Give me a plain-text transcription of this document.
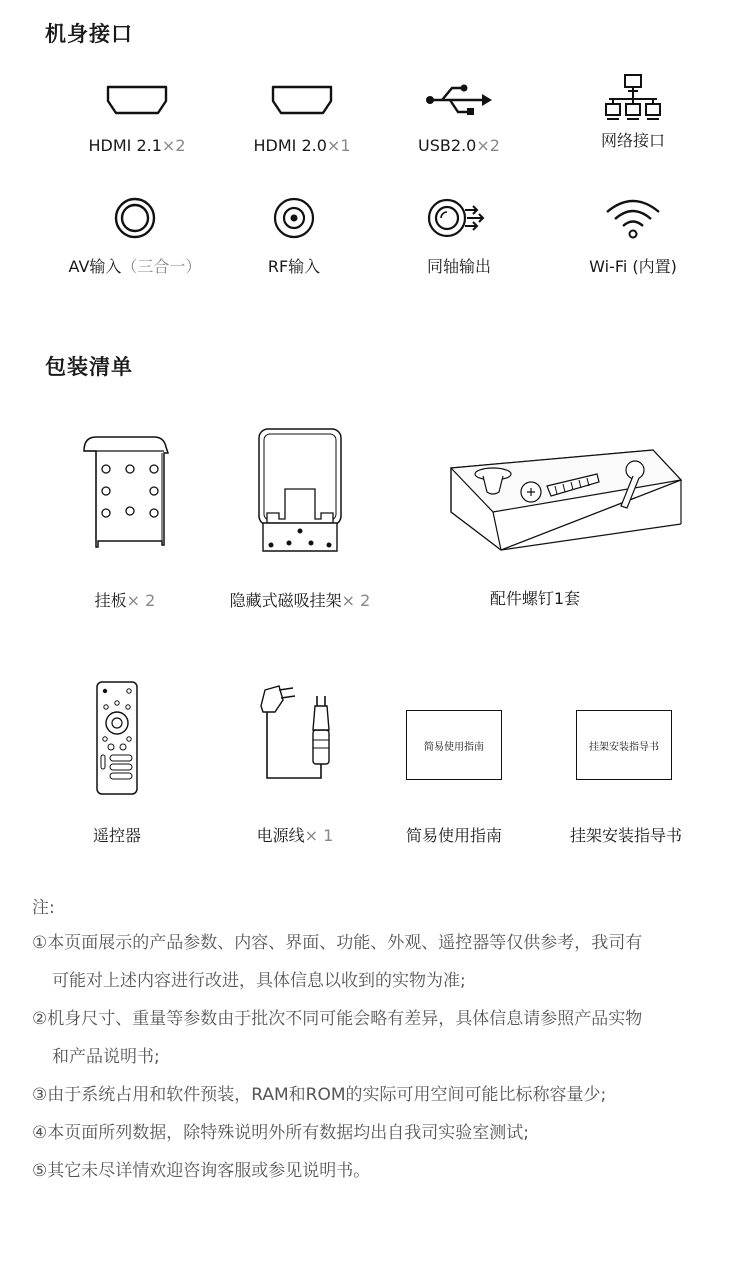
机身接口
HDMI 2.1×2	HDMI 2.0×1	USB2.0×2	网络接口
AV输入（三合一）	RF输入	同轴输出	Wi-Fi (内置)
包装清单
挂板× 2	隐藏式磁吸挂架× 2	配件螺钉1套
遥控器	电源线× 1
简易使用指南
简易使用指南
挂架安装指导书
挂架安装指导书
注:
①本页面展示的产品参数、内容、界面、功能、外观、遥控器等仅供参考，我司有
可能对上述内容进行改进，具体信息以收到的实物为准;
②机身尺寸、重量等参数由于批次不同可能会略有差异，具体信息请参照产品实物
和产品说明书;
③由于系统占用和软件预装，RAM和ROM的实际可用空间可能比标称容量少;
④本页面所列数据，除特殊说明外所有数据均出自我司实验室测试;
⑤其它未尽详情欢迎咨询客服或参见说明书。
